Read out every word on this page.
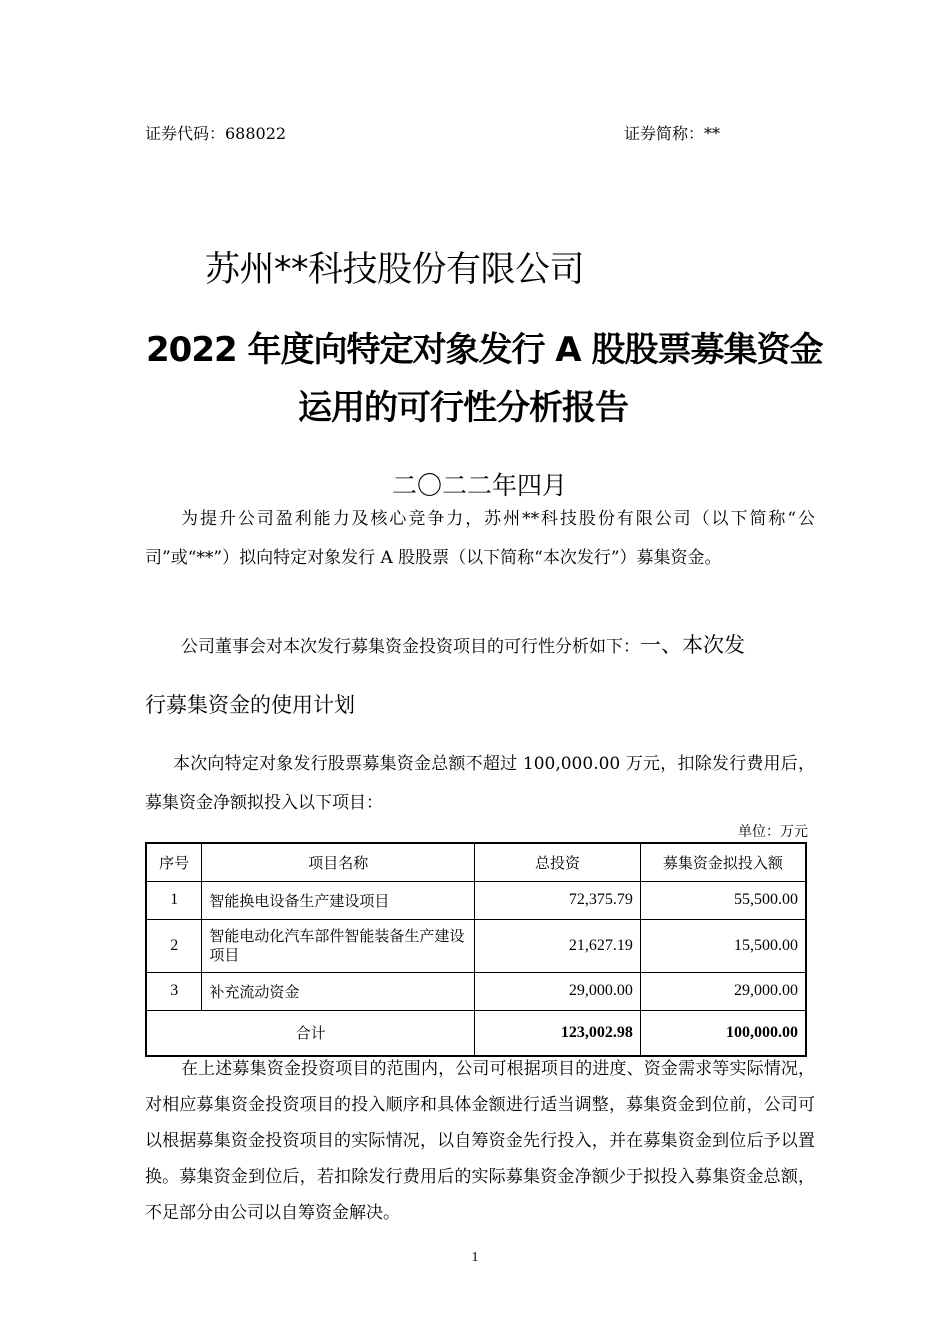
证券代码：688022	证券简称：**
苏州**科技股份有限公司
2022 年度向特定对象发行 A 股股票募集资金
运用的可行性分析报告
二〇二二年四月
为提升公司盈利能力及核心竞争力，苏州**科技股份有限公司（以下简称“公司”或“**”）拟向特定对象发行 A 股股票（以下简称“本次发行”）募集资金。
公司董事会对本次发行募集资金投资项目的可行性分析如下：一、本次发
行募集资金的使用计划
本次向特定对象发行股票募集资金总额不超过 100,000.00 万元，扣除发行费用后，募集资金净额拟投入以下项目：
单位：万元
序号	项目名称	总投资	募集资金拟投入额
1	智能换电设备生产建设项目	72,375.79	55,500.00
2	智能电动化汽车部件智能装备生产建设项目	21,627.19	15,500.00
3	补充流动资金	29,000.00	29,000.00
合计		123,002.98	100,000.00
在上述募集资金投资项目的范围内，公司可根据项目的进度、资金需求等实际情况，对相应募集资金投资项目的投入顺序和具体金额进行适当调整，募集资金到位前，公司可以根据募集资金投资项目的实际情况，以自筹资金先行投入，并在募集资金到位后予以置换。募集资金到位后，若扣除发行费用后的实际募集资金净额少于拟投入募集资金总额，不足部分由公司以自筹资金解决。
1
